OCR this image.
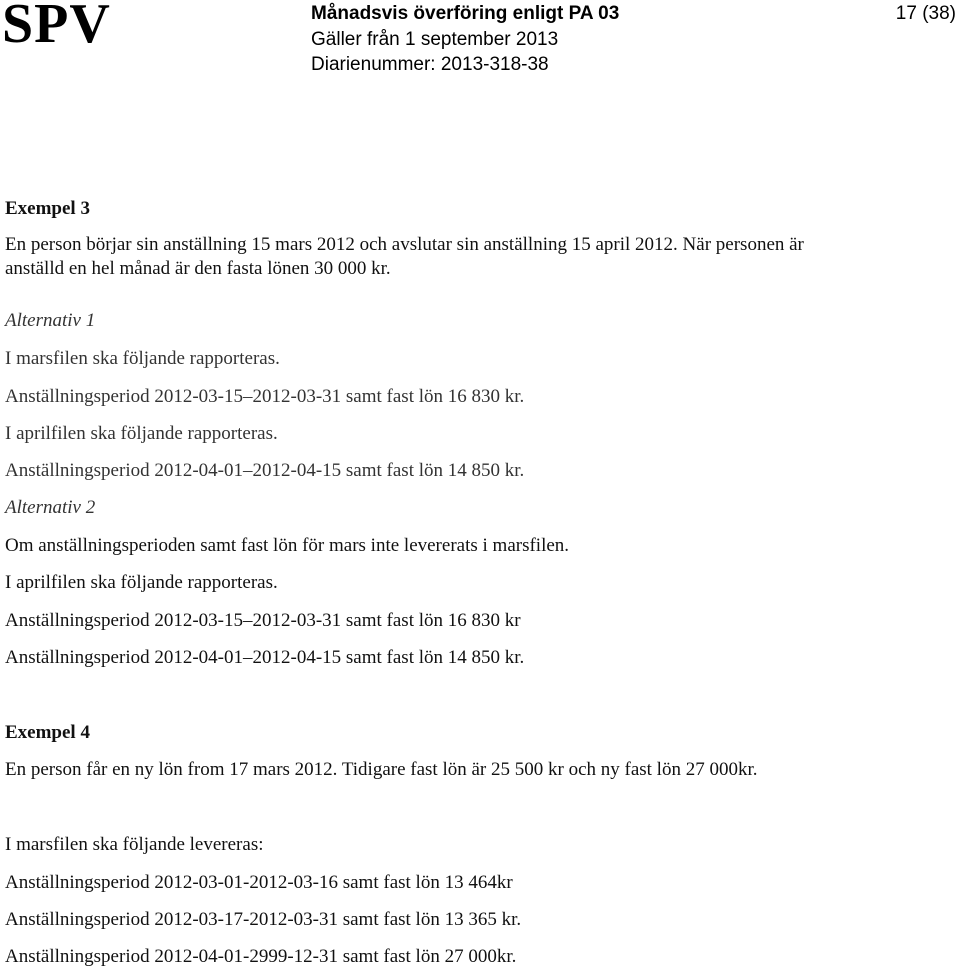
SPV	Månadsvis överföring enligt PA 03
Gäller från 1 september 2013
Diarienummer: 2013-318-38
17 (38)
Exempel 3
En person börjar sin anställning 15 mars 2012 och avslutar sin anställning 15 april 2012. När personen är
anställd en hel månad är den fasta lönen 30 000 kr.
Alternativ 1
I marsfilen ska följande rapporteras.
Anställningsperiod 2012-03-15–2012-03-31 samt fast lön 16 830 kr.
I aprilfilen ska följande rapporteras.
Anställningsperiod 2012-04-01–2012-04-15 samt fast lön 14 850 kr.
Alternativ 2
Om anställningsperioden samt fast lön för mars inte levererats i marsfilen.
I aprilfilen ska följande rapporteras.
Anställningsperiod 2012-03-15–2012-03-31 samt fast lön 16 830 kr
Anställningsperiod 2012-04-01–2012-04-15 samt fast lön 14 850 kr.
Exempel 4
En person får en ny lön from 17 mars 2012. Tidigare fast lön är 25 500 kr och ny fast lön 27 000kr.
I marsfilen ska följande levereras:
Anställningsperiod 2012-03-01-2012-03-16 samt fast lön 13 464kr
Anställningsperiod 2012-03-17-2012-03-31 samt fast lön 13 365 kr.
Anställningsperiod 2012-04-01-2999-12-31 samt fast lön 27 000kr.
